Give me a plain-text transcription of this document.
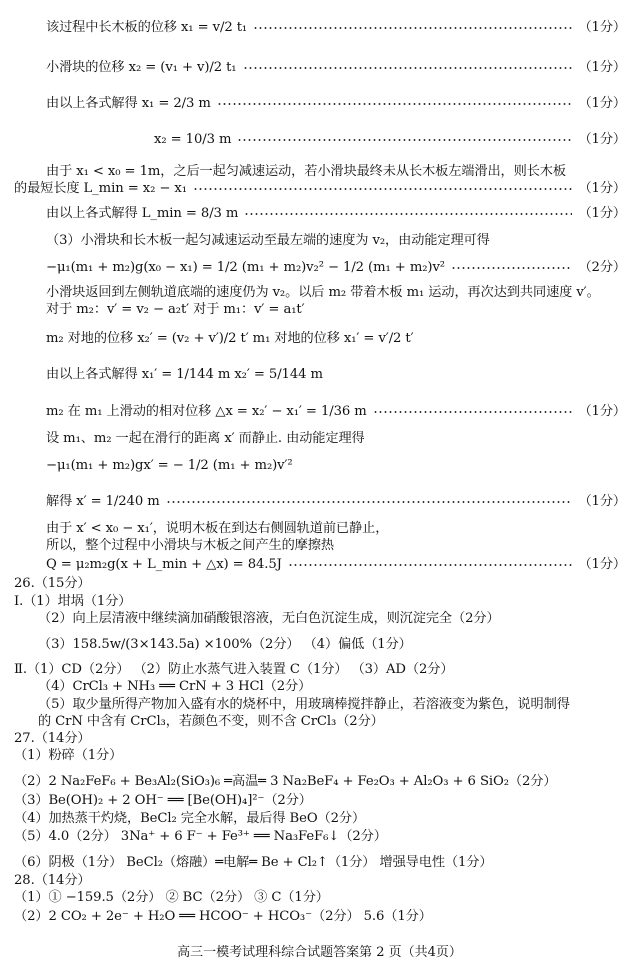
该过程中长木板的位移 x₁ = v/2 t₁	（1分）
小滑块的位移 x₂ = (v₁ + v)/2 t₁	（1分）
由以上各式解得 x₁ = 2/3 m	（1分）
x₂ = 10/3 m	（1分）
由于 x₁ < x₀ = 1m，之后一起匀减速运动，若小滑块最终未从长木板左端滑出，则长木板
的最短长度 L_min = x₂ − x₁	（1分）
由以上各式解得 L_min = 8/3 m	（1分）
（3）小滑块和长木板一起匀减速运动至最左端的速度为 v₂，由动能定理可得
−μ₁(m₁ + m₂)g(x₀ − x₁) = 1/2 (m₁ + m₂)v₂² − 1/2 (m₁ + m₂)v²	（2分）
小滑块返回到左侧轨道底端的速度仍为 v₂。以后 m₂ 带着木板 m₁ 运动，再次达到共同速度 v′。
对于 m₂：v′ = v₂ − a₂t′ 对于 m₁：v′ = a₁t′
m₂ 对地的位移 x₂′ = (v₂ + v′)/2 t′ m₁ 对地的位移 x₁′ = v′/2 t′
由以上各式解得 x₁′ = 1/144 m x₂′ = 5/144 m
m₂ 在 m₁ 上滑动的相对位移 △x = x₂′ − x₁′ = 1/36 m	（1分）
设 m₁、m₂ 一起在滑行的距离 x′ 而静止. 由动能定理得
−μ₁(m₁ + m₂)gx′ = − 1/2 (m₁ + m₂)v′²
解得 x′ = 1/240 m	（1分）
由于 x′ < x₀ − x₁′，说明木板在到达右侧圆轨道前已静止，
所以，整个过程中小滑块与木板之间产生的摩擦热
Q = μ₂m₂g(x + L_min + △x) = 84.5J	（1分）
26.（15分）
Ⅰ.（1）坩埚（1分）
（2）向上层清液中继续滴加硝酸银溶液，无白色沉淀生成，则沉淀完全（2分）
（3）158.5w/(3×143.5a) ×100%（2分） （4）偏低（1分）
Ⅱ.（1）CD（2分） （2）防止水蒸气进入装置 C（1分） （3）AD（2分）
（4）CrCl₃ + NH₃ ══ CrN + 3 HCl（2分）
（5）取少量所得产物加入盛有水的烧杯中，用玻璃棒搅拌静止，若溶液变为紫色，说明制得
的 CrN 中含有 CrCl₃，若颜色不变，则不含 CrCl₃（2分）
27.（14分）
（1）粉碎（1分）
（2）2 Na₂FeF₆ + Be₃Al₂(SiO₃)₆ ═高温═ 3 Na₂BeF₄ + Fe₂O₃ + Al₂O₃ + 6 SiO₂（2分）
（3）Be(OH)₂ + 2 OH⁻ ══ [Be(OH)₄]²⁻（2分）
（4）加热蒸干灼烧，BeCl₂ 完全水解，最后得 BeO（2分）
（5）4.0（2分） 3Na⁺ + 6 F⁻ + Fe³⁺ ══ Na₃FeF₆↓（2分）
（6）阴极（1分） BeCl₂（熔融）═电解═ Be + Cl₂↑（1分） 增强导电性（1分）
28.（14分）
（1）① −159.5（2分） ② BC（2分） ③ C（1分）
（2）2 CO₂ + 2e⁻ + H₂O ══ HCOO⁻ + HCO₃⁻（2分） 5.6（1分）
高三一模考试理科综合试题答案第 2 页（共4页）
